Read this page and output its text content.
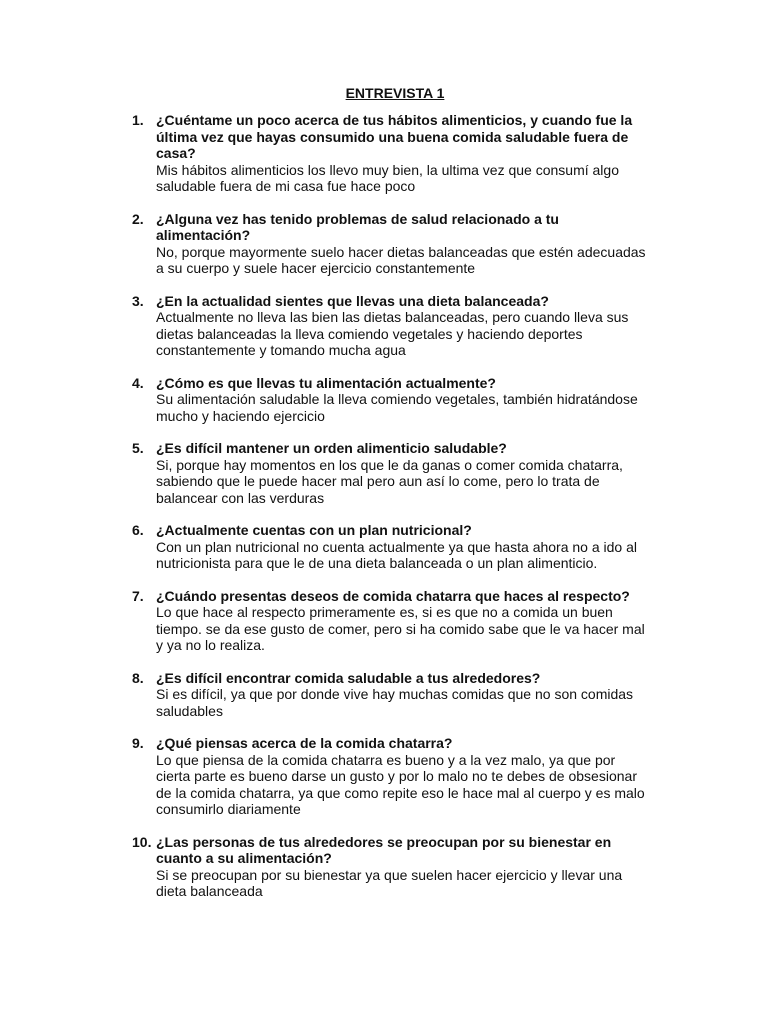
ENTREVISTA 1
1. ¿Cuéntame un poco acerca de tus hábitos alimenticios, y cuando fue la última vez que hayas consumido una buena comida saludable fuera de casa?
Mis hábitos alimenticios los llevo muy bien, la ultima vez que consumí algo saludable fuera de mi casa fue hace poco
2. ¿Alguna vez has tenido problemas de salud relacionado a tu alimentación?
No, porque mayormente suelo hacer dietas balanceadas que estén adecuadas a su cuerpo y suele hacer ejercicio constantemente
3. ¿En la actualidad sientes que llevas una dieta balanceada?
Actualmente no lleva las bien las dietas balanceadas, pero cuando lleva sus dietas balanceadas la lleva comiendo vegetales y haciendo deportes constantemente y tomando mucha agua
4. ¿Cómo es que llevas tu alimentación actualmente?
Su alimentación saludable la lleva comiendo vegetales, también hidratándose mucho y haciendo ejercicio
5. ¿Es difícil mantener un orden alimenticio saludable?
Si, porque hay momentos en los que le da ganas o comer comida chatarra, sabiendo que le puede hacer mal pero aun así lo come, pero lo trata de balancear con las verduras
6. ¿Actualmente cuentas con un plan nutricional?
Con un plan nutricional no cuenta actualmente ya que hasta ahora no a ido al nutricionista para que le de una dieta balanceada o un plan alimenticio.
7. ¿Cuándo presentas deseos de comida chatarra que haces al respecto?
Lo que hace al respecto primeramente es, si es que no a comida un buen tiempo. se da ese gusto de comer, pero si ha comido sabe que le va hacer mal y ya no lo realiza.
8. ¿Es difícil encontrar comida saludable a tus alrededores?
Si es difícil, ya que por donde vive hay muchas comidas que no son comidas saludables
9. ¿Qué piensas acerca de la comida chatarra?
Lo que piensa de la comida chatarra es bueno y a la vez malo, ya que por cierta parte es bueno darse un gusto y por lo malo no te debes de obsesionar de la comida chatarra, ya que como repite eso le hace mal al cuerpo y es malo consumirlo diariamente
10. ¿Las personas de tus alrededores se preocupan por su bienestar en cuanto a su alimentación?
Si se preocupan por su bienestar ya que suelen hacer ejercicio y llevar una dieta balanceada
